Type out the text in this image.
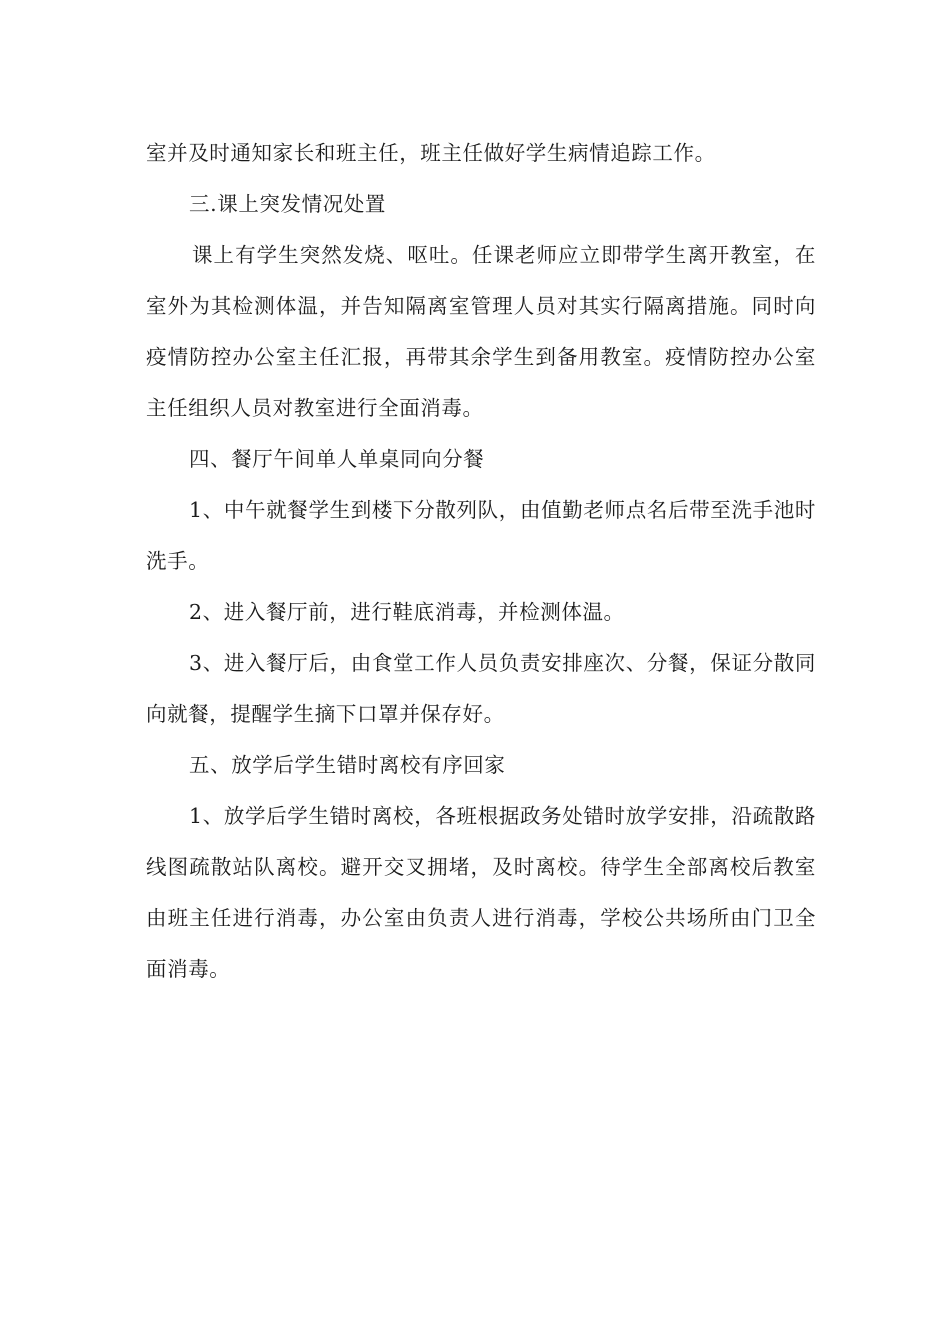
室并及时通知家长和班主任，班主任做好学生病情追踪工作。

三.课上突发情况处置

课上有学生突然发烧、呕吐。任课老师应立即带学生离开教室，在室外为其检测体温，并告知隔离室管理人员对其实行隔离措施。同时向疫情防控办公室主任汇报，再带其余学生到备用教室。疫情防控办公室主任组织人员对教室进行全面消毒。

四、餐厅午间单人单桌同向分餐

1、中午就餐学生到楼下分散列队，由值勤老师点名后带至洗手池时洗手。

2、进入餐厅前，进行鞋底消毒，并检测体温。

3、进入餐厅后，由食堂工作人员负责安排座次、分餐，保证分散同向就餐，提醒学生摘下口罩并保存好。

五、放学后学生错时离校有序回家

1、放学后学生错时离校，各班根据政务处错时放学安排，沿疏散路线图疏散站队离校。避开交叉拥堵，及时离校。待学生全部离校后教室由班主任进行消毒，办公室由负责人进行消毒，学校公共场所由门卫全面消毒。
